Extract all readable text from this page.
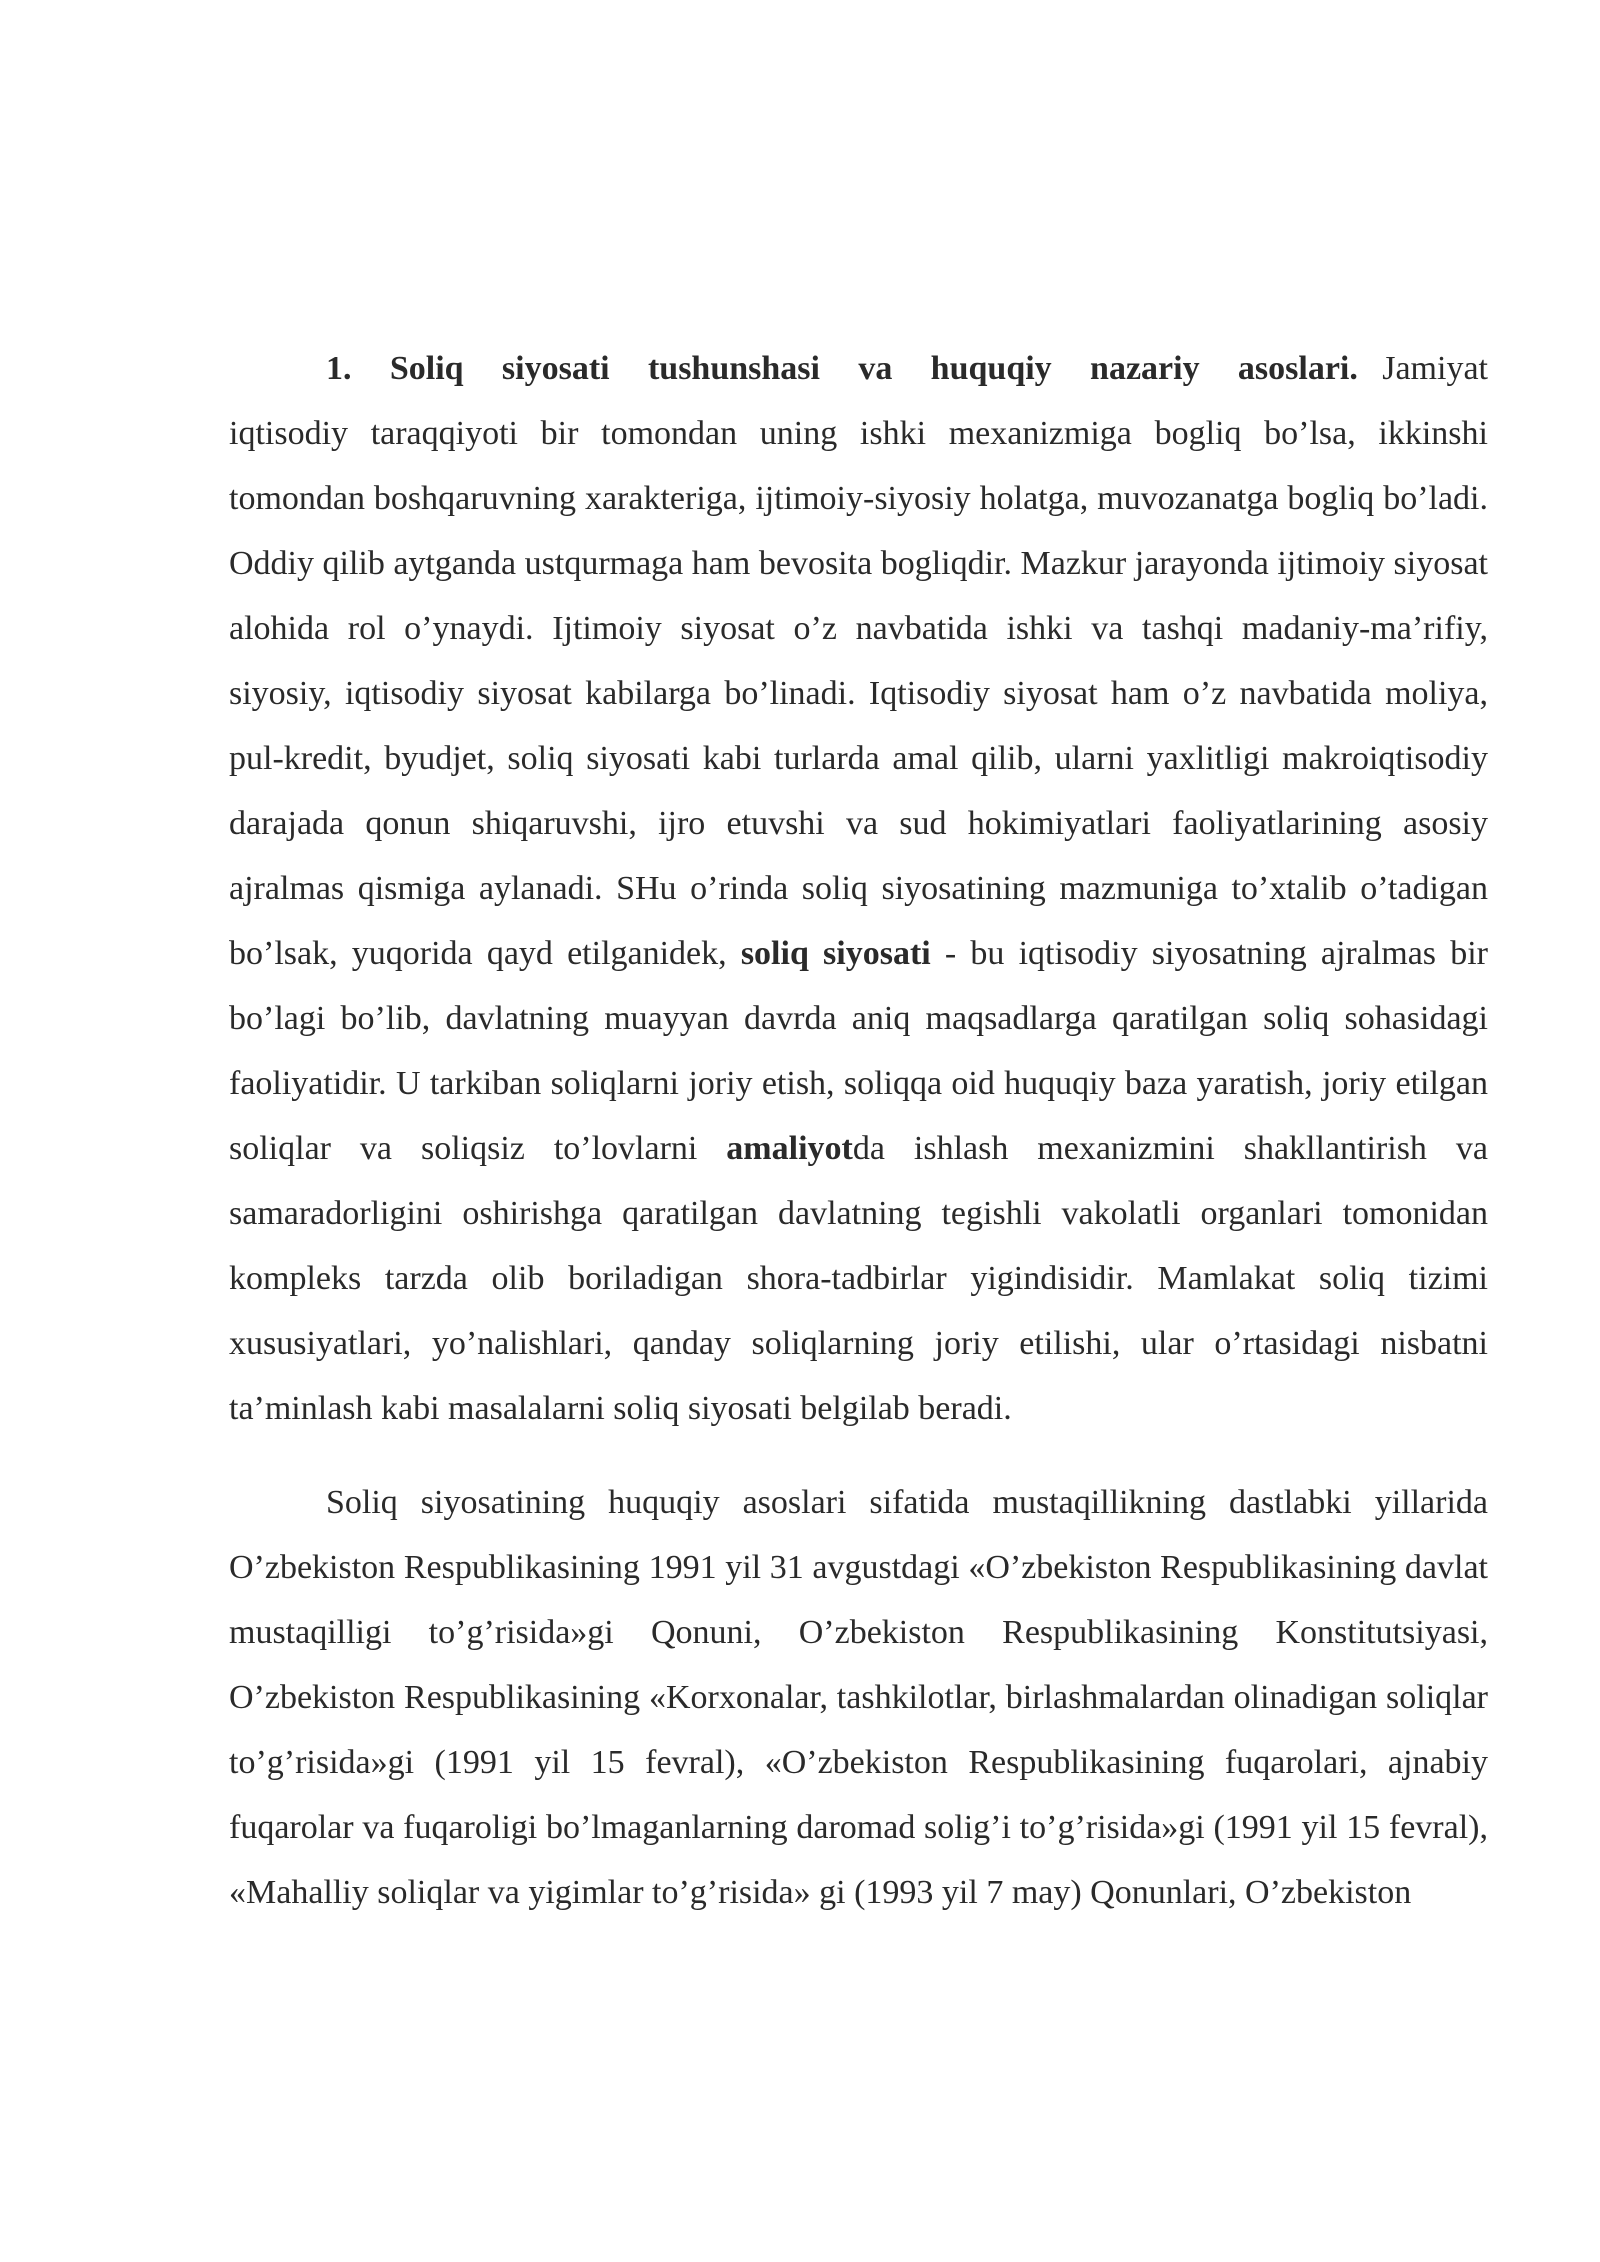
1. Soliq siyosati tushunshasi va huquqiy nazariy asoslari. Jamiyat iqtisodiy taraqqiyoti bir tomondan uning ishki mexanizmiga bogliq bo’lsa, ikkinshi tomondan boshqaruvning xarakteriga, ijtimoiy-siyosiy holatga, muvozanatga bogliq bo’ladi. Oddiy qilib aytganda ustqurmaga ham bevosita bogliqdir. Mazkur jarayonda ijtimoiy siyosat alohida rol o’ynaydi. Ijtimoiy siyosat o’z navbatida ishki va tashqi madaniy-ma’rifiy, siyosiy, iqtisodiy siyosat kabilarga bo’linadi. Iqtisodiy siyosat ham o’z navbatida moliya, pul-kredit, byudjet, soliq siyosati kabi turlarda amal qilib, ularni yaxlitligi makroiqtisodiy darajada qonun shiqaruvshi, ijro etuvshi va sud hokimiyatlari faoliyatlarining asosiy ajralmas qismiga aylanadi. SHu o’rinda soliq siyosatining mazmuniga to’xtalib o’tadigan bo’lsak, yuqorida qayd etilganidek, soliq siyosati - bu iqtisodiy siyosatning ajralmas bir bo’lagi bo’lib, davlatning muayyan davrda aniq maqsadlarga qaratilgan soliq sohasidagi faoliyatidir. U tarkiban soliqlarni joriy etish, soliqqa oid huquqiy baza yaratish, joriy etilgan soliqlar va soliqsiz to’lovlarni amaliyotda ishlash mexanizmini shakllantirish va samaradorligini oshirishga qaratilgan davlatning tegishli vakolatli organlari tomonidan kompleks tarzda olib boriladigan shora-tadbirlar yigindisidir. Mamlakat soliq tizimi xususiyatlari, yo’nalishlari, qanday soliqlarning joriy etilishi, ular o’rtasidagi nisbatni ta’minlash kabi masalalarni soliq siyosati belgilab beradi.

Soliq siyosatining huquqiy asoslari sifatida mustaqillikning dastlabki yillarida O’zbekiston Respublikasining 1991 yil 31 avgustdagi «O’zbekiston Respublikasining davlat mustaqilligi to’g’risida»gi Qonuni, O’zbekiston Respublikasining Konstitutsiyasi, O’zbekiston Respublikasining «Korxonalar, tashkilotlar, birlashmalardan olinadigan soliqlar to’g’risida»gi (1991 yil 15 fevral), «O’zbekiston Respublikasining fuqarolari, ajnabiy fuqarolar va fuqaroligi bo’lmaganlarning daromad solig’i to’g’risida»gi (1991 yil 15 fevral), «Mahalliy soliqlar va yigimlar to’g’risida» gi (1993 yil 7 may) Qonunlari, O’zbekiston
